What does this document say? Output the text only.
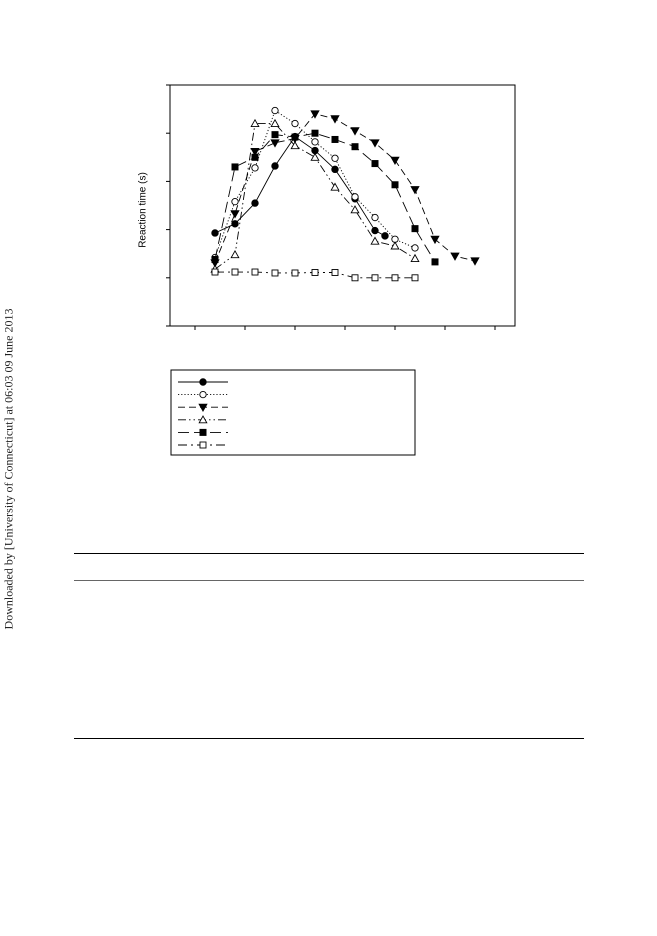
Downloaded by [University of Connecticut] at 06:03 09 June 2013
Reaction time (s)
